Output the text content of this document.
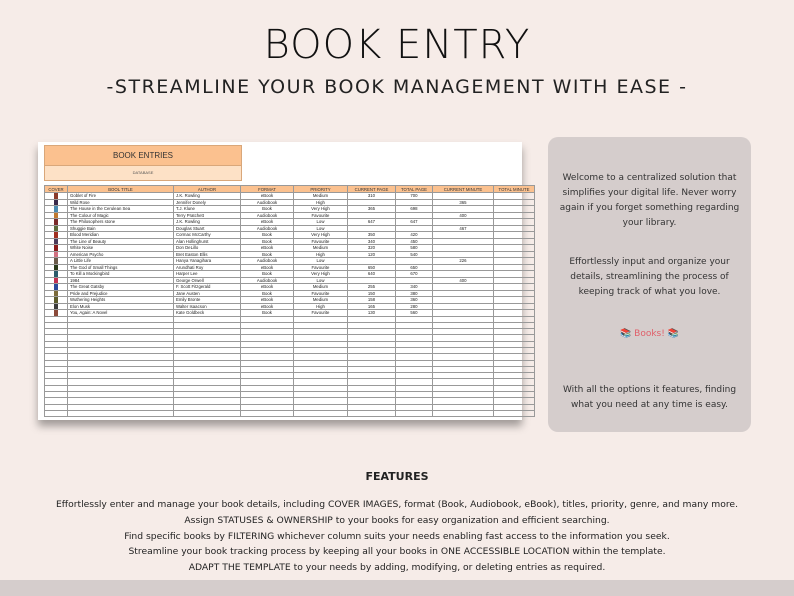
BOOK ENTRY
-STREAMLINE YOUR BOOK MANAGEMENT WITH EASE -
BOOK ENTRIES
DATABASE
COVER	BOOL TITLE	AUTHOR	FORMAT	PRIORITY	CURRENT PAGE	TOTAL PAGE	CURRENT MINUTE	TOTAL MINUTE

	Goblet of Fire	J.K. Rowling	eBook	Medium	310	700		

	Wild Rose	Jennifer Donely	Audiobook	High			365	

	The House in the Cerulean Sea	T.J. Klune	Book	Very High	365	698		

	The Colour of Magic	Terry Pratchett	Audiobook	Favourite			400	

	The Philosophers stone	J.K. Rowling	eBook	Low	647	647		

	Shuggie Bain	Douglas Stuart	Audiobook	Low			467	

	Blood Meridian	Cormac McCarthy	Book	Very High	350	420		

	The Line of Beauty	Alan Hollinghurst	Book	Favourite	340	450		

	White Noise	Don DeLillo	eBook	Medium	320	580		

	American Psycho	Bret Easton Ellis	Book	High	120	540		

	A Little Life	Hanya Yanagihara	Audiobook	Low			226	

	The God of Small Things	Arundhati Roy	eBook	Favourite	650	650		

	To Kill a Mockingbird	Harper Lee	Book	Very High	640	670		

	1984	George Orwell	Audiobook	Low			400	

	The Great Gatsby	F. Scott Fitzgerald	eBook	Medium	255	340		

	Pride and Prejudice	Jane Austen	Book	Favourite	150	380		

	Wuthering Heights	Emily Bronte	eBook	Medium	158	360		

	Elon Musk	Walter Isaacson	eBook	High	165	280		

	You, Again: A Novel	Kate Goldbeck	Book	Favourite	130	560		

Welcome to a centralized solution that simplifies your digital life. Never worry again if you forget something regarding your library.

Effortlessly input and organize your details, streamlining the process of keeping track of what you love.

📚 Books! 📚

With all the options it features, finding what you need at any time is easy.

FEATURES
Effortlessly enter and manage your book details, including COVER IMAGES, format (Book, Audiobook, eBook), titles, priority, genre, and many more.
Assign STATUSES & OWNERSHIP to your books for easy organization and efficient searching.
Find specific books by FILTERING whichever column suits your needs enabling fast access to the information you seek.
Streamline your book tracking process by keeping all your books in ONE ACCESSIBLE LOCATION within the template.
ADAPT THE TEMPLATE to your needs by adding, modifying, or deleting entries as required.
